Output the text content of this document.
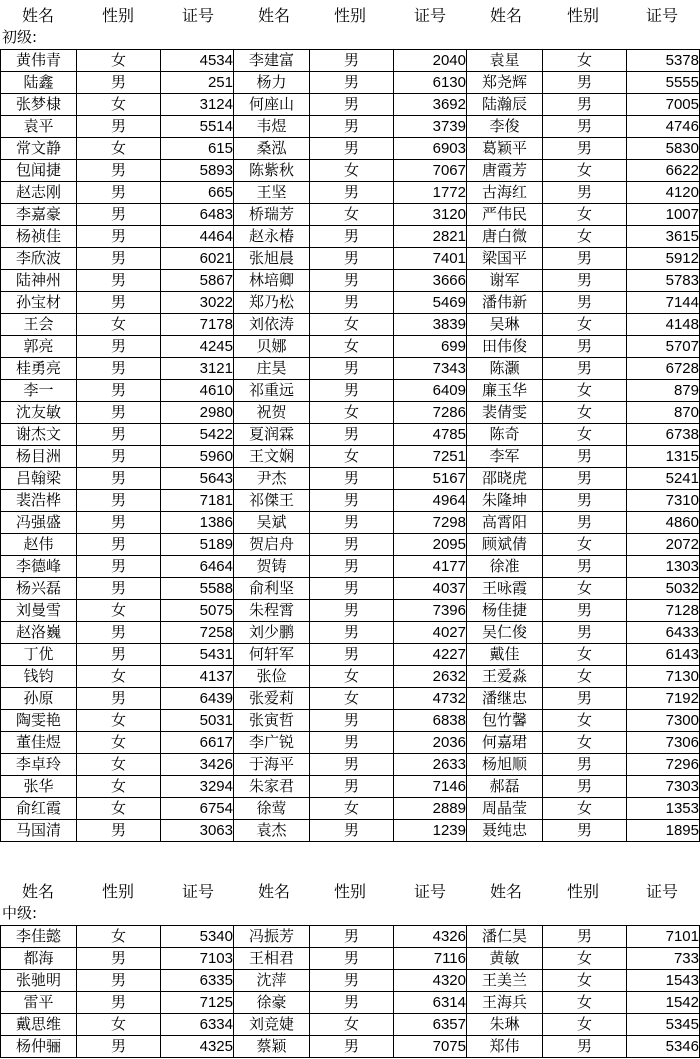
姓名	性别	证号	姓名	性别	证号	姓名	性别	证号
初级:
黄伟青	女	4534	李建富	男	2040	袁星	女	5378
陆鑫	男	251	杨力	男	6130	郑尧辉	男	5555
张梦棣	女	3124	何座山	男	3692	陆瀚辰	男	7005
袁平	男	5514	韦煜	男	3739	李俊	男	4746
常文静	女	615	桑泓	男	6903	葛颖平	男	5830
包闻捷	男	5893	陈紫秋	女	7067	唐霞芳	女	6622
赵志刚	男	665	王坚	男	1772	古海红	男	4120
李嘉豪	男	6483	桥瑞芳	女	3120	严伟民	女	1007
杨祯佳	男	4464	赵永椿	男	2821	唐白微	女	3615
李欣波	男	6021	张旭晨	男	7401	梁国平	男	5912
陆神州	男	5867	林培卿	男	3666	谢军	男	5783
孙宝材	男	3022	郑乃松	男	5469	潘伟新	男	7144
王会	女	7178	刘依涛	女	3839	吴琳	女	4148
郭亮	男	4245	贝娜	女	699	田伟俊	男	5707
桂勇亮	男	3121	庄昊	男	7343	陈灏	男	6728
李一	男	4610	祁重远	男	6409	廉玉华	女	879
沈友敏	男	2980	祝贺	女	7286	裴倩雯	女	870
谢杰文	男	5422	夏润霖	男	4785	陈奇	女	6738
杨目洲	男	5960	王文娴	女	7251	李军	男	1315
吕翰梁	男	5643	尹杰	男	5167	邵晓虎	男	5241
裴浩桦	男	7181	祁傑王	男	4964	朱隆坤	男	7310
冯强盛	男	1386	吴斌	男	7298	高霄阳	男	4860
赵伟	男	5189	贺启舟	男	2095	顾斌倩	女	2072
李德峰	男	6464	贺铸	男	4177	徐准	男	1303
杨兴磊	男	5588	俞利坚	男	4037	王咏霞	女	5032
刘曼雪	女	5075	朱程霄	男	7396	杨佳捷	男	7128
赵洛巍	男	7258	刘少鹏	男	4027	吴仁俊	男	6433
丁优	男	5431	何轩军	男	4227	戴佳	女	6143
钱钧	女	4137	张俭	女	2632	王爱淼	女	7130
孙原	男	6439	张爱莉	女	4732	潘继忠	男	7192
陶雯艳	女	5031	张寅哲	男	6838	包竹馨	女	7300
董佳煜	女	6617	李广锐	男	2036	何嘉珺	女	7306
李卓玲	女	3426	于海平	男	2633	杨旭顺	男	7296
张华	女	3294	朱家君	男	7146	郝磊	男	7303
俞红霞	女	6754	徐莺	女	2889	周晶莹	女	1353
马国清	男	3063	袁杰	男	1239	聂纯忠	男	1895
姓名	性别	证号	姓名	性别	证号	姓名	性别	证号
中级:
李佳懿	女	5340	冯振芳	男	4326	潘仁昊	男	7101
都海	男	7103	王相君	男	7116	黄敏	女	733
张驰明	男	6335	沈萍	男	4320	王美兰	女	1543
雷平	男	7125	徐豪	男	6314	王海兵	女	1542
戴思维	女	6334	刘竞婕	女	6357	朱琳	女	5345
杨仲骊	男	4325	蔡颖	男	7075	郑伟	男	5346
